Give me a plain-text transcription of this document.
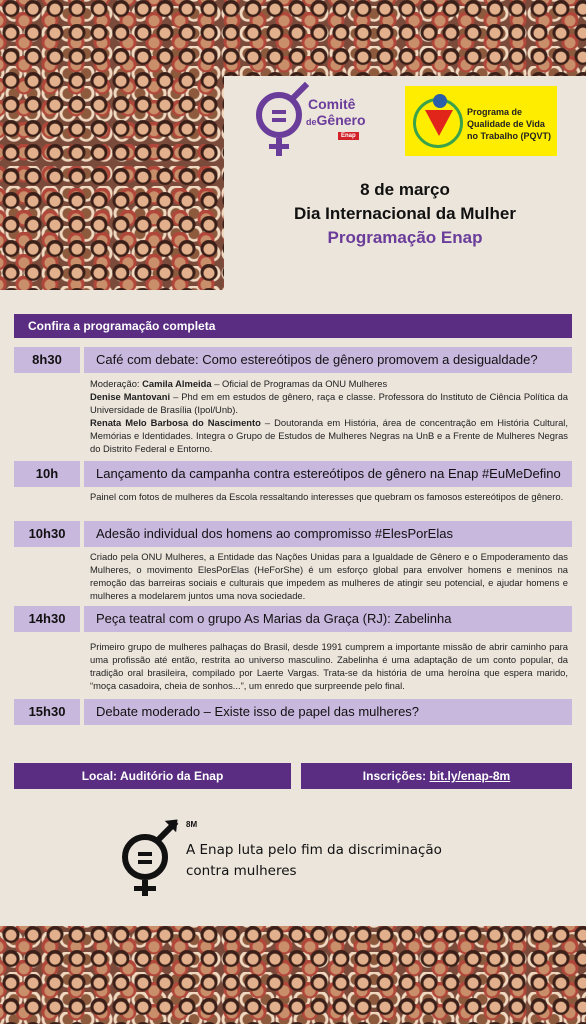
Comitê
deGênero
Enap
Programa de
Qualidade de Vida
no Trabalho (PQVT)
8 de março
Dia Internacional da Mulher
Programação Enap
Confira a programação completa
8h30	Café com debate: Como estereótipos de gênero promovem a desigualdade?
Moderação: Camila Almeida – Oficial de Programas da ONU Mulheres
Denise Mantovani – Phd em em estudos de gênero, raça e classe. Professora do Instituto de Ciência Política da Universidade de Brasília (Ipol/Unb).
Renata Melo Barbosa do Nascimento – Doutoranda em História, área de concentração em História Cultural, Memórias e Identidades. Integra o Grupo de Estudos de Mulheres Negras na UnB e a Frente de Mulheres Negras do Distrito Federal e Entorno.
10h	Lançamento da campanha contra estereótipos de gênero na Enap #EuMeDefino
Painel com fotos de mulheres da Escola ressaltando interesses que quebram os famosos estereótipos de gênero.
10h30	Adesão individual dos homens ao compromisso #ElesPorElas
Criado pela ONU Mulheres, a Entidade das Nações Unidas para a Igualdade de Gênero e o Empoderamento das Mulheres, o movimento ElesPorElas (HeForShe) é um esforço global para envolver homens e meninos na remoção das barreiras sociais e culturais que impedem as mulheres de atingir seu potencial, e ajudar homens e mulheres a modelarem juntos uma nova sociedade.
14h30	Peça teatral com o grupo As Marias da Graça (RJ): Zabelinha
Primeiro grupo de mulheres palhaças do Brasil, desde 1991 cumprem a importante missão de abrir caminho para uma profissão até então, restrita ao universo masculino. Zabelinha é uma adaptação de um conto popular, da tradição oral brasileira, compilado por Laerte Vargas. Trata-se da história de uma heroína que espera marido, “moça casadoira, cheia de sonhos...”, um enredo que surpreende pelo final.
15h30	Debate moderado – Existe isso de papel das mulheres?
Local: Auditório da Enap	Inscrições: bit.ly/enap-8m
8M
A Enap luta pelo fim da discriminação
contra mulheres
